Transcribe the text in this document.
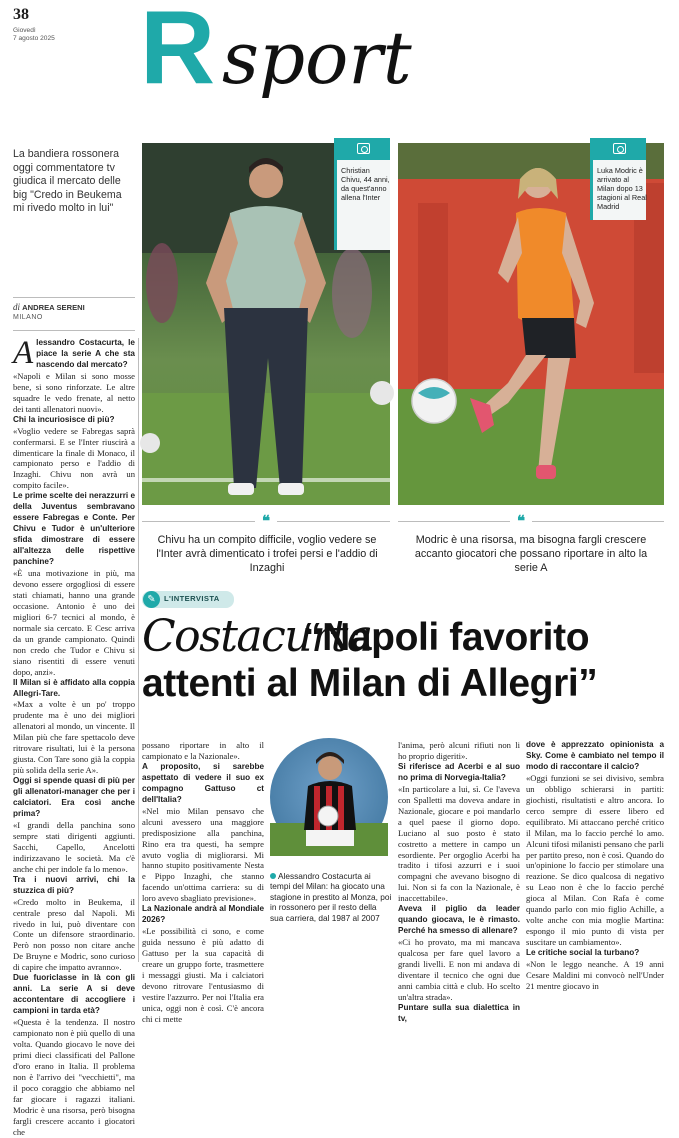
38
Giovedì
7 agosto 2025 R sport
La bandiera rossonera oggi commentatore tv giudica il mercato delle big "Credo in Beukema mi rivedo molto in lui"
di ANDREA SERENI
MILANO
Christian Chivu, 44 anni, da quest'anno allena l'Inter
Luka Modric è arrivato al Milan dopo 13 stagioni al Real Madrid
❝
Chivu ha un compito difficile, voglio vedere se l'Inter avrà dimenticato i trofei persi e l'addio di Inzaghi
❝
Modric è una risorsa, ma bisogna fargli crescere accanto giocatori che possano riportare in alto la serie A
✎	L'INTERVISTA
Costacurta
“Napoli favorito
attenti al Milan di Allegri”
A lessandro Costacurta, le piace la serie A che sta nascendo dal mercato?

«Napoli e Milan si sono mosse bene, si sono rinforzate. Le altre squadre le vedo frenate, al netto dei tanti allenatori nuovi».

Chi la incuriosisce di più?

«Voglio vedere se Fabregas saprà confermarsi. E se l'Inter riuscirà a dimenticare la finale di Monaco, il campionato perso e l'addio di Inzaghi. Chivu non avrà un compito facile».

Le prime scelte dei nerazzurri e della Juventus sembravano essere Fabregas e Conte. Per Chivu e Tudor è un'ulteriore sfida dimostrare di essere all'altezza delle rispettive panchine?

«È una motivazione in più, ma devono essere orgogliosi di essere stati chiamati, hanno una grande occasione. Antonio è uno dei migliori 6-7 tecnici al mondo, è normale sia cercato. E Cesc arriva da un grande campionato. Quindi non credo che Tudor e Chivu si siano risentiti di essere venuti dopo, anzi».

Il Milan si è affidato alla coppia Allegri-Tare.

«Max a volte è un po' troppo prudente ma è uno dei migliori allenatori al mondo, un vincente. Il Milan più che fare spettacolo deve ritrovare risultati, lui è la persona giusta. Con Tare sono già la coppia più solida della serie A».

Oggi si spende quasi di più per gli allenatori-manager che per i calciatori. Era così anche prima?

«I grandi della panchina sono sempre stati dirigenti aggiunti. Sacchi, Capello, Ancelotti indirizzavano le società. Ma c'è anche chi per indole fa lo meno».

Tra i nuovi arrivi, chi la stuzzica di più?

«Credo molto in Beukema, il centrale preso dal Napoli. Mi rivedo in lui, può diventare con Conte un difensore straordinario. Però non posso non citare anche De Bruyne e Modric, sono curioso di capire che impatto avranno».

Due fuoriclasse in là con gli anni. La serie A si deve accontentare di accogliere i campioni in tarda età?

«Questa è la tendenza. Il nostro campionato non è più quello di una volta. Quando giocavo le nove dei primi dieci classificati del Pallone d'oro erano in Italia. Il problema non è l'arrivo dei "vecchietti", ma il poco coraggio che abbiamo nel far giocare i ragazzi italiani. Modric è una risorsa, però bisogna fargli crescere accanto i giocatori che

possano riportare in alto il campionato e la Nazionale».

A proposito, si sarebbe aspettato di vedere il suo ex compagno Gattuso ct dell'Italia?

«Nel mio Milan pensavo che alcuni avessero una maggiore predisposizione alla panchina, Rino era tra questi, ha sempre avuto voglia di migliorarsi. Mi hanno stupito positivamente Nesta e Pippo Inzaghi, che stanno facendo un'ottima carriera: su di loro avevo sbagliato previsione».

La Nazionale andrà al Mondiale 2026?

«Le possibilità ci sono, e come guida nessuno è più adatto di Gattuso per la sua capacità di creare un gruppo forte, trasmettere i messaggi giusti. Ma i calciatori devono ritrovare l'entusiasmo di vestire l'azzurro. Per noi l'Italia era unica, oggi non è così. C'è ancora chi ci mette

Alessandro Costacurta ai tempi del Milan: ha giocato una stagione in prestito al Monza, poi in rossonero per il resto della sua carriera, dal 1987 al 2007

l'anima, però alcuni rifiuti non li ho proprio digeriti».

Si riferisce ad Acerbi e al suo no prima di Norvegia-Italia?

«In particolare a lui, sì. Ce l'aveva con Spalletti ma doveva andare in Nazionale, giocare e poi mandarlo a quel paese il giorno dopo. Luciano al suo posto è stato costretto a mettere in campo un esordiente. Per orgoglio Acerbi ha tradito i tifosi azzurri e i suoi compagni che avevano bisogno di lui. Non si fa con la Nazionale, è inaccettabile».

Aveva il piglio da leader quando giocava, le è rimasto. Perché ha smesso di allenare?

«Ci ho provato, ma mi mancava qualcosa per fare quel lavoro a grandi livelli. E non mi andava di diventare il tecnico che ogni due anni cambia città e club. Ho scelto un'altra strada».

Puntare sulla sua dialettica in tv,

dove è apprezzato opinionista a Sky. Come è cambiato nel tempo il modo di raccontare il calcio?

«Oggi funzioni se sei divisivo, sembra un obbligo schierarsi in partiti: giochisti, risultatisti e altro ancora. Io cerco sempre di essere libero ed equilibrato. Mi attaccano perché critico il Milan, ma lo faccio perché lo amo. Alcuni tifosi milanisti pensano che parli per partito preso, non è così. Quando do un'opinione lo faccio per stimolare una reazione. Se dico qualcosa di negativo su Leao non è che lo faccio perché gioca al Milan. Con Rafa è come quando parlo con mio figlio Achille, a volte anche con mia moglie Martina: espongo il mio punto di vista per suscitare un cambiamento».

Le critiche social la turbano?

«Non le leggo neanche. A 19 anni Cesare Maldini mi convocò nell'Under 21 mentre giocavo in
